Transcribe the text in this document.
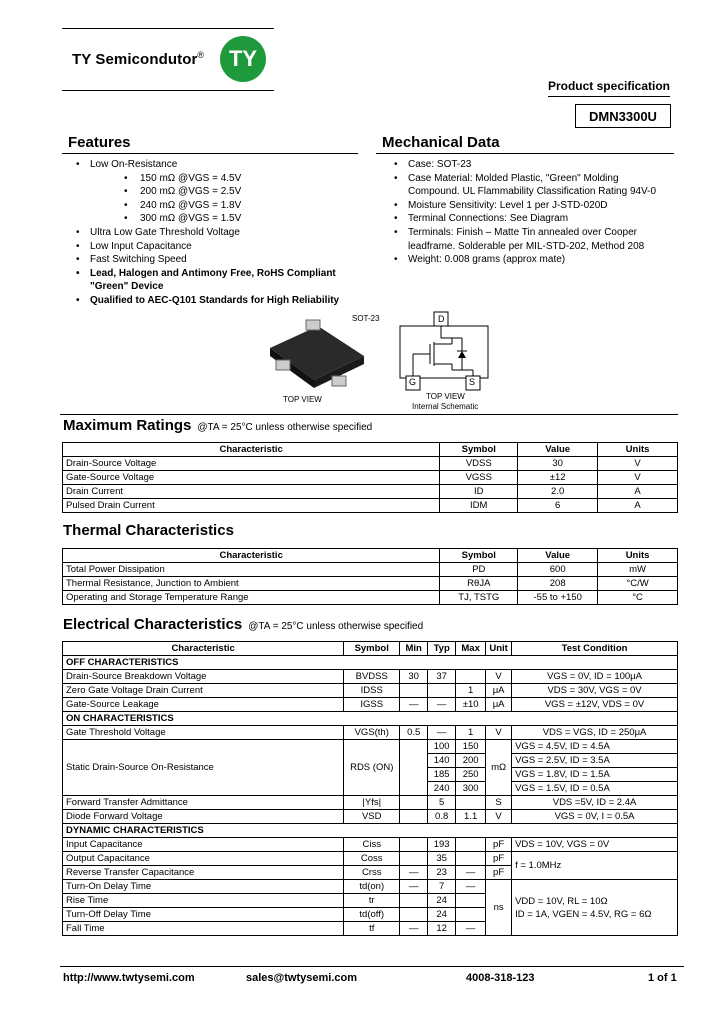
TY Semicondutor®	TY
Product specification
DMN3300U
Features
• Low On-Resistance
• 150 mΩ @VGS = 4.5V
• 200 mΩ @VGS = 2.5V
• 240 mΩ @VGS = 1.8V
• 300 mΩ @VGS = 1.5V
• Ultra Low Gate Threshold Voltage
• Low Input Capacitance
• Fast Switching Speed
• Lead, Halogen and Antimony Free, RoHS Compliant "Green" Device
• Qualified to AEC-Q101 Standards for High Reliability
Mechanical Data
• Case: SOT-23
• Case Material: Molded Plastic, "Green" Molding Compound. UL Flammability Classification Rating 94V-0
• Moisture Sensitivity: Level 1 per J-STD-020D
• Terminal Connections: See Diagram
• Terminals: Finish – Matte Tin annealed over Cooper leadframe. Solderable per MIL-STD-202, Method 208
• Weight: 0.008 grams (approx mate)
TOP VIEW
SOT-23	D
G	S
TOP VIEW
Internal Schematic
Maximum Ratings @TA = 25°C unless otherwise specified
Characteristic	Symbol	Value	Units
Drain-Source Voltage	VDSS	30	V
Gate-Source Voltage	VGSS	±12	V
Drain Current	ID	2.0	A
Pulsed Drain Current	IDM	6	A
Thermal Characteristics
Characteristic	Symbol	Value	Units
Total Power Dissipation	PD	600	mW
Thermal Resistance, Junction to Ambient	RθJA	208	°C/W
Operating and Storage Temperature Range	TJ, TSTG	-55 to +150	°C
Electrical Characteristics @TA = 25°C unless otherwise specified
Characteristic	Symbol	Min	Typ	Max	Unit	Test Condition
OFF CHARACTERISTICS						
Drain-Source Breakdown Voltage	BVDSS	30	37		V	VGS = 0V, ID = 100μA
Zero Gate Voltage Drain Current	IDSS			1	μA	VDS = 30V, VGS = 0V
Gate-Source Leakage	IGSS	—	—	±10	μA	VGS = ±12V, VDS = 0V
ON CHARACTERISTICS						
Gate Threshold Voltage	VGS(th)	0.5	—	1	V	VDS = VGS, ID = 250μA
Static Drain-Source On-Resistance	RDS (ON)		100	150	mΩ	VGS = 4.5V, ID = 4.5A
			140	200		VGS = 2.5V, ID = 3.5A
			185	250		VGS = 1.8V, ID = 1.5A
			240	300		VGS = 1.5V, ID = 0.5A
Forward Transfer Admittance	|Yfs|		5		S	VDS =5V, ID = 2.4A
Diode Forward Voltage	VSD		0.8	1.1	V	VGS = 0V, I = 0.5A
DYNAMIC CHARACTERISTICS						
Input Capacitance	Ciss		193		pF	VDS = 10V, VGS = 0V
Output Capacitance	Coss		35		pF	f = 1.0MHz
Reverse Transfer Capacitance	Crss	—	23	—	pF	
Turn-On Delay Time	td(on)	—	7	—	ns	VDD = 10V, RL = 10Ω
ID = 1A, VGEN = 4.5V, RG = 6Ω

Rise Time	tr		24			
Turn-Off Delay Time	td(off)		24			
Fall Time	tf	—	12	—		
http://www.twtysemi.com	sales@twtysemi.com	4008-318-123	1 of 1
